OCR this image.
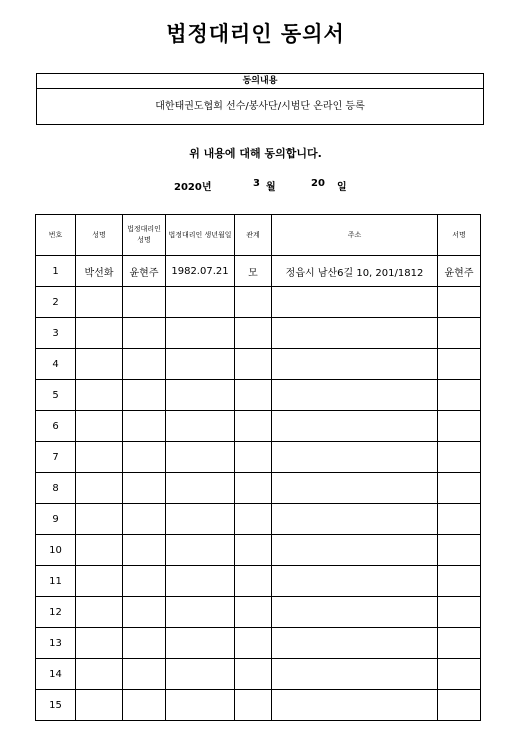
법정대리인 동의서
동의내용
대한태권도협회 선수/봉사단/시범단 온라인 등록
위 내용에 대해 동의합니다.
2020년	3 월	20 일
번호	성명	법정대리인 성명	법정대리인 생년월일	관계	주소	서명
1	박선화	윤현주	1982.07.21	모	정읍시 남산6길 10, 201/1812	윤현주
2						
3						
4						
5						
6						
7						
8						
9						
10						
11						
12						
13						
14						
15						
